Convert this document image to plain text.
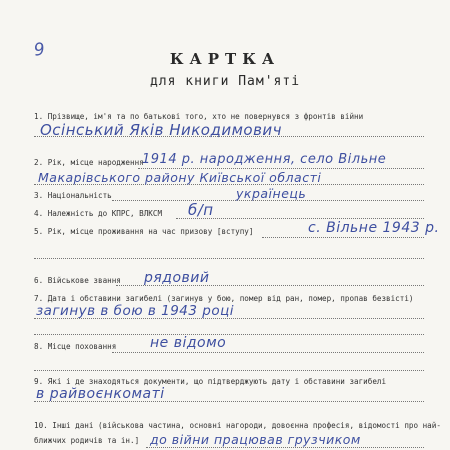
9	КАРТКА
для книги Пам'яті
1. Прізвище, ім'я та по батькові того, хто не повернувся з фронтів війни
Осінський Яків Никодимович
2. Рік, місце народження
1914 р. народження, село Вільне
Макарівського району Київської області
3. Національність	українець
4. Належність до КПРС, ВЛКСМ б/п
5. Рік, місце проживання на час призову [вступу]	с. Вільне 1943 р.
6. Військове звання рядовий
7. Дата і обставини загибелі (загинув у бою, помер від ран, помер, пропав безвісті)
загинув в бою в 1943 році
8. Місце поховання не відомо
9. Які і де знаходяться документи, що підтверджують дату і обставини загибелі
в райвоєнкоматі
10. Інші дані (військова частина, основні нагороди, довоєнна професія, відомості про най-
ближчих родичів та ін.] до війни працював грузчиком
